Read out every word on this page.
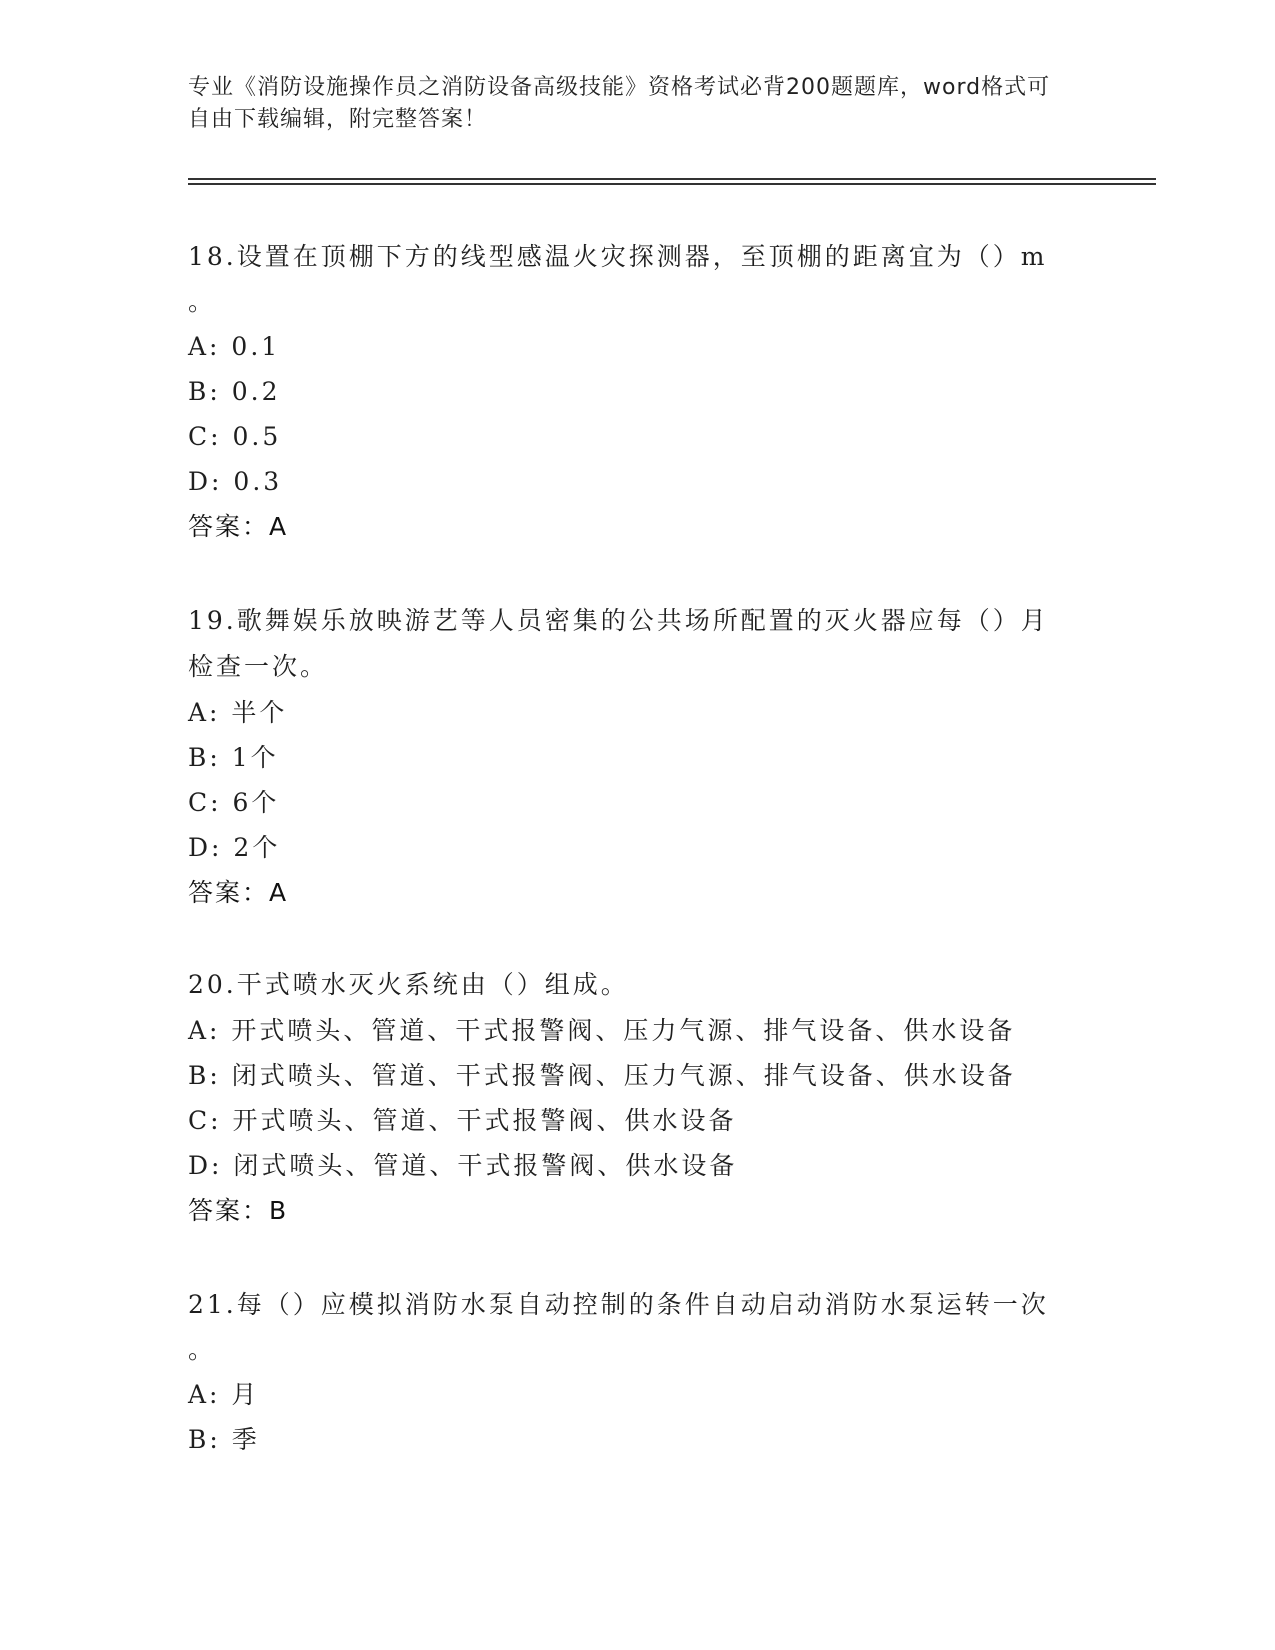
专业《消防设施操作员之消防设备高级技能》资格考试必背200题题库，word格式可自由下载编辑，附完整答案！
18.设置在顶棚下方的线型感温火灾探测器，至顶棚的距离宜为（）m
。
A: 0.1
B: 0.2
C: 0.5
D: 0.3
答案：A
19.歌舞娱乐放映游艺等人员密集的公共场所配置的灭火器应每（）月检查一次。
A: 半个
B: 1个
C: 6个
D: 2个
答案：A
20.干式喷水灭火系统由（）组成。
A: 开式喷头、管道、干式报警阀、压力气源、排气设备、供水设备
B: 闭式喷头、管道、干式报警阀、压力气源、排气设备、供水设备
C: 开式喷头、管道、干式报警阀、供水设备
D: 闭式喷头、管道、干式报警阀、供水设备
答案：B
21.每（）应模拟消防水泵自动控制的条件自动启动消防水泵运转一次
。
A: 月
B: 季
